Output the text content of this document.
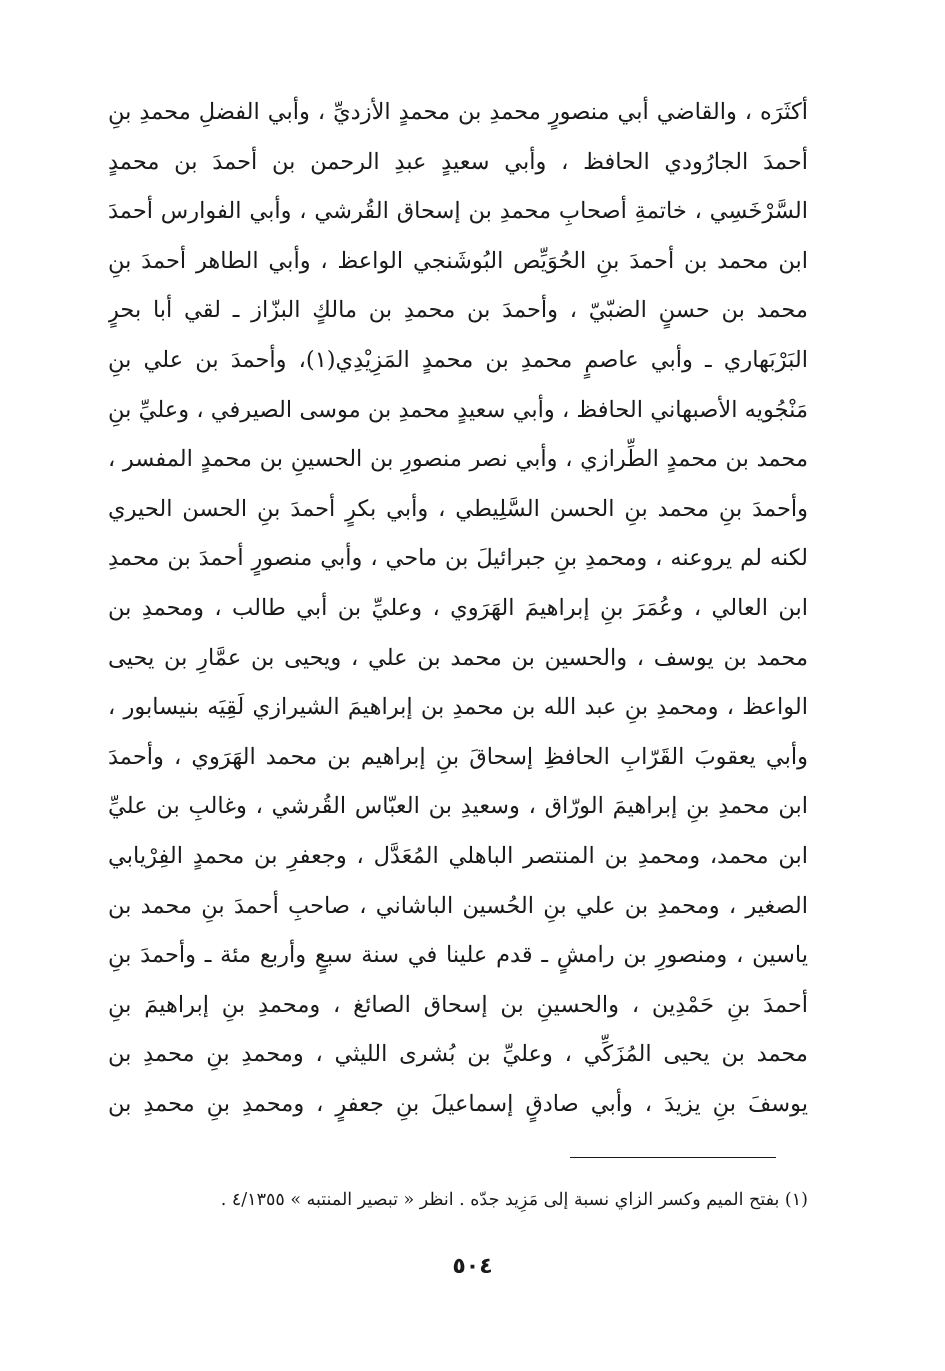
أكثَرَه ، والقاضي أبي منصورٍ محمدِ بن محمدٍ الأزديِّ ، وأبي الفضلِ محمدِ بنِ
أحمدَ الجارُودي الحافظ ، وأبي سعيدٍ عبدِ الرحمن بن أحمدَ بن محمدٍ
السَّرْخَسِي ، خاتمةِ أصحابِ محمدِ بن إسحاق القُرشي ، وأبي الفوارس أحمدَ
ابن محمد بن أحمدَ بنِ الحُوَيِّص البُوشَنجي الواعظ ، وأبي الطاهر أحمدَ بنِ
محمد بن حسنٍ الضبّيّ ، وأحمدَ بن محمدِ بن مالكٍ البزّاز ـ لقي أبا بحرٍ
البَرْبَهاري ـ وأبي عاصمٍ محمدِ بن محمدٍ المَزِيْدِي(١)، وأحمدَ بن علي بنِ
مَنْجُويه الأصبهاني الحافظ ، وأبي سعيدٍ محمدِ بن موسى الصيرفي ، وعليِّ بنِ
محمد بن محمدٍ الطِّرازي ، وأبي نصر منصورِ بن الحسينِ بن محمدٍ المفسر ،
وأحمدَ بنِ محمد بنِ الحسن السَّلِيطي ، وأبي بكرٍ أحمدَ بنِ الحسن الحيري
لكنه لم يروعنه ، ومحمدِ بنِ جبرائيلَ بن ماحي ، وأبي منصورٍ أحمدَ بن محمدِ
ابن العالي ، وعُمَرَ بنِ إبراهيمَ الهَرَوي ، وعليِّ بن أبي طالب ، ومحمدِ بن
محمد بن يوسف ، والحسين بن محمد بن علي ، ويحيى بن عمَّارِ بن يحيى
الواعظ ، ومحمدِ بنِ عبد الله بن محمدِ بن إبراهيمَ الشيرازي لَقِيَه بنيسابور ،
وأبي يعقوبَ القَرّابِ الحافظِ إسحاقَ بنِ إبراهيم بن محمد الهَرَوي ، وأحمدَ
ابن محمدِ بنِ إبراهيمَ الورّاق ، وسعيدِ بن العبّاس القُرشي ، وغالبِ بن عليِّ
ابن محمد، ومحمدِ بن المنتصر الباهلي المُعَدَّل ، وجعفرِ بن محمدٍ الفِرْيابي
الصغير ، ومحمدِ بن علي بنِ الحُسين الباشاني ، صاحبِ أحمدَ بنِ محمد بن
ياسين ، ومنصورِ بن رامشٍ ـ قدم علينا في سنة سبعٍ وأربع مئة ـ وأحمدَ بنِ
أحمدَ بنِ حَمْدِين ، والحسينِ بن إسحاق الصائغ ، ومحمدِ بنِ إبراهيمَ بنِ
محمد بن يحيى المُزَكِّي ، وعليِّ بن بُشرى الليثي ، ومحمدِ بنِ محمدِ بن
يوسفَ بنِ يزيدَ ، وأبي صادقٍ إسماعيلَ بنِ جعفرٍ ، ومحمدِ بنِ محمدِ بن
(١) بفتح الميم وكسر الزاي نسبة إلى مَزِيد جدّه . انظر « تبصير المنتبه » ٤/١٣٥٥ .
٥٠٤
